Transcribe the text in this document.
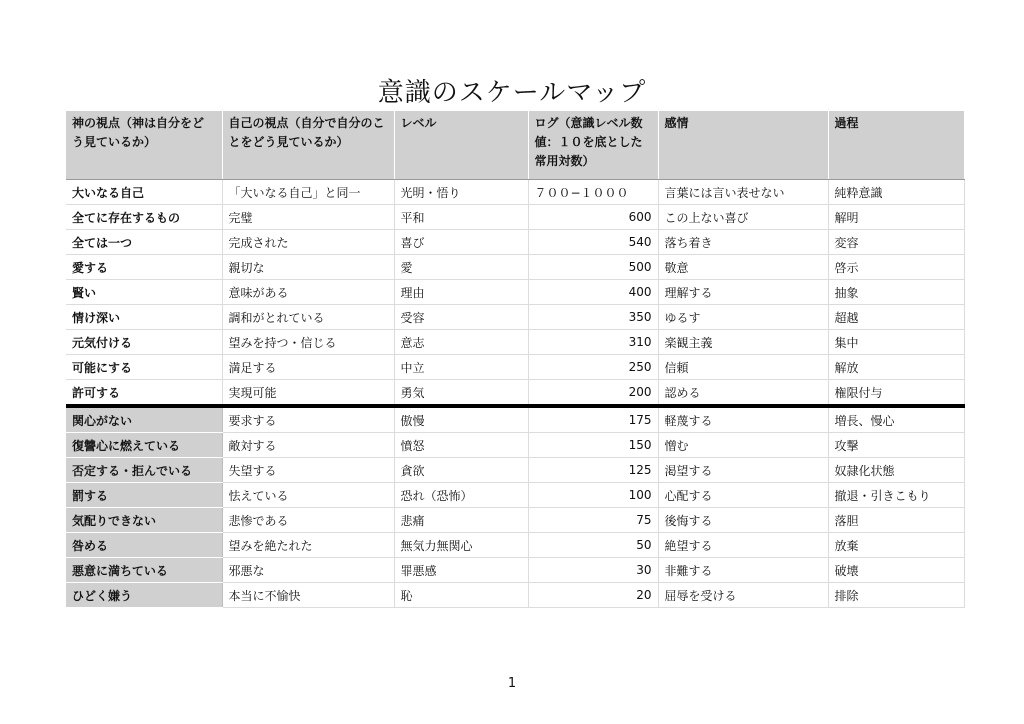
意識のスケールマップ
神の視点（神は自分をどう見ているか）	自己の視点（自分で自分のことをどう見ているか）	レベル	ログ（意識レベル数値：１０を底とした常用対数）	感情	過程
大いなる自己	「大いなる自己」と同一	光明・悟り	７００−１０００	言葉には言い表せない	純粋意識
全てに存在するもの	完璧	平和	600	この上ない喜び	解明
全ては一つ	完成された	喜び	540	落ち着き	変容
愛する	親切な	愛	500	敬意	啓示
賢い	意味がある	理由	400	理解する	抽象
情け深い	調和がとれている	受容	350	ゆるす	超越
元気付ける	望みを持つ・信じる	意志	310	楽観主義	集中
可能にする	満足する	中立	250	信頼	解放
許可する	実現可能	勇気	200	認める	権限付与
関心がない	要求する	傲慢	175	軽蔑する	増長、慢心
復讐心に燃えている	敵対する	憤怒	150	憎む	攻撃
否定する・拒んでいる	失望する	貪欲	125	渇望する	奴隷化状態
罰する	怯えている	恐れ（恐怖）	100	心配する	撤退・引きこもり
気配りできない	悲惨である	悲痛	75	後悔する	落胆
咎める	望みを絶たれた	無気力無関心	50	絶望する	放棄
悪意に満ちている	邪悪な	罪悪感	30	非難する	破壊
ひどく嫌う	本当に不愉快	恥	20	屈辱を受ける	排除
1
